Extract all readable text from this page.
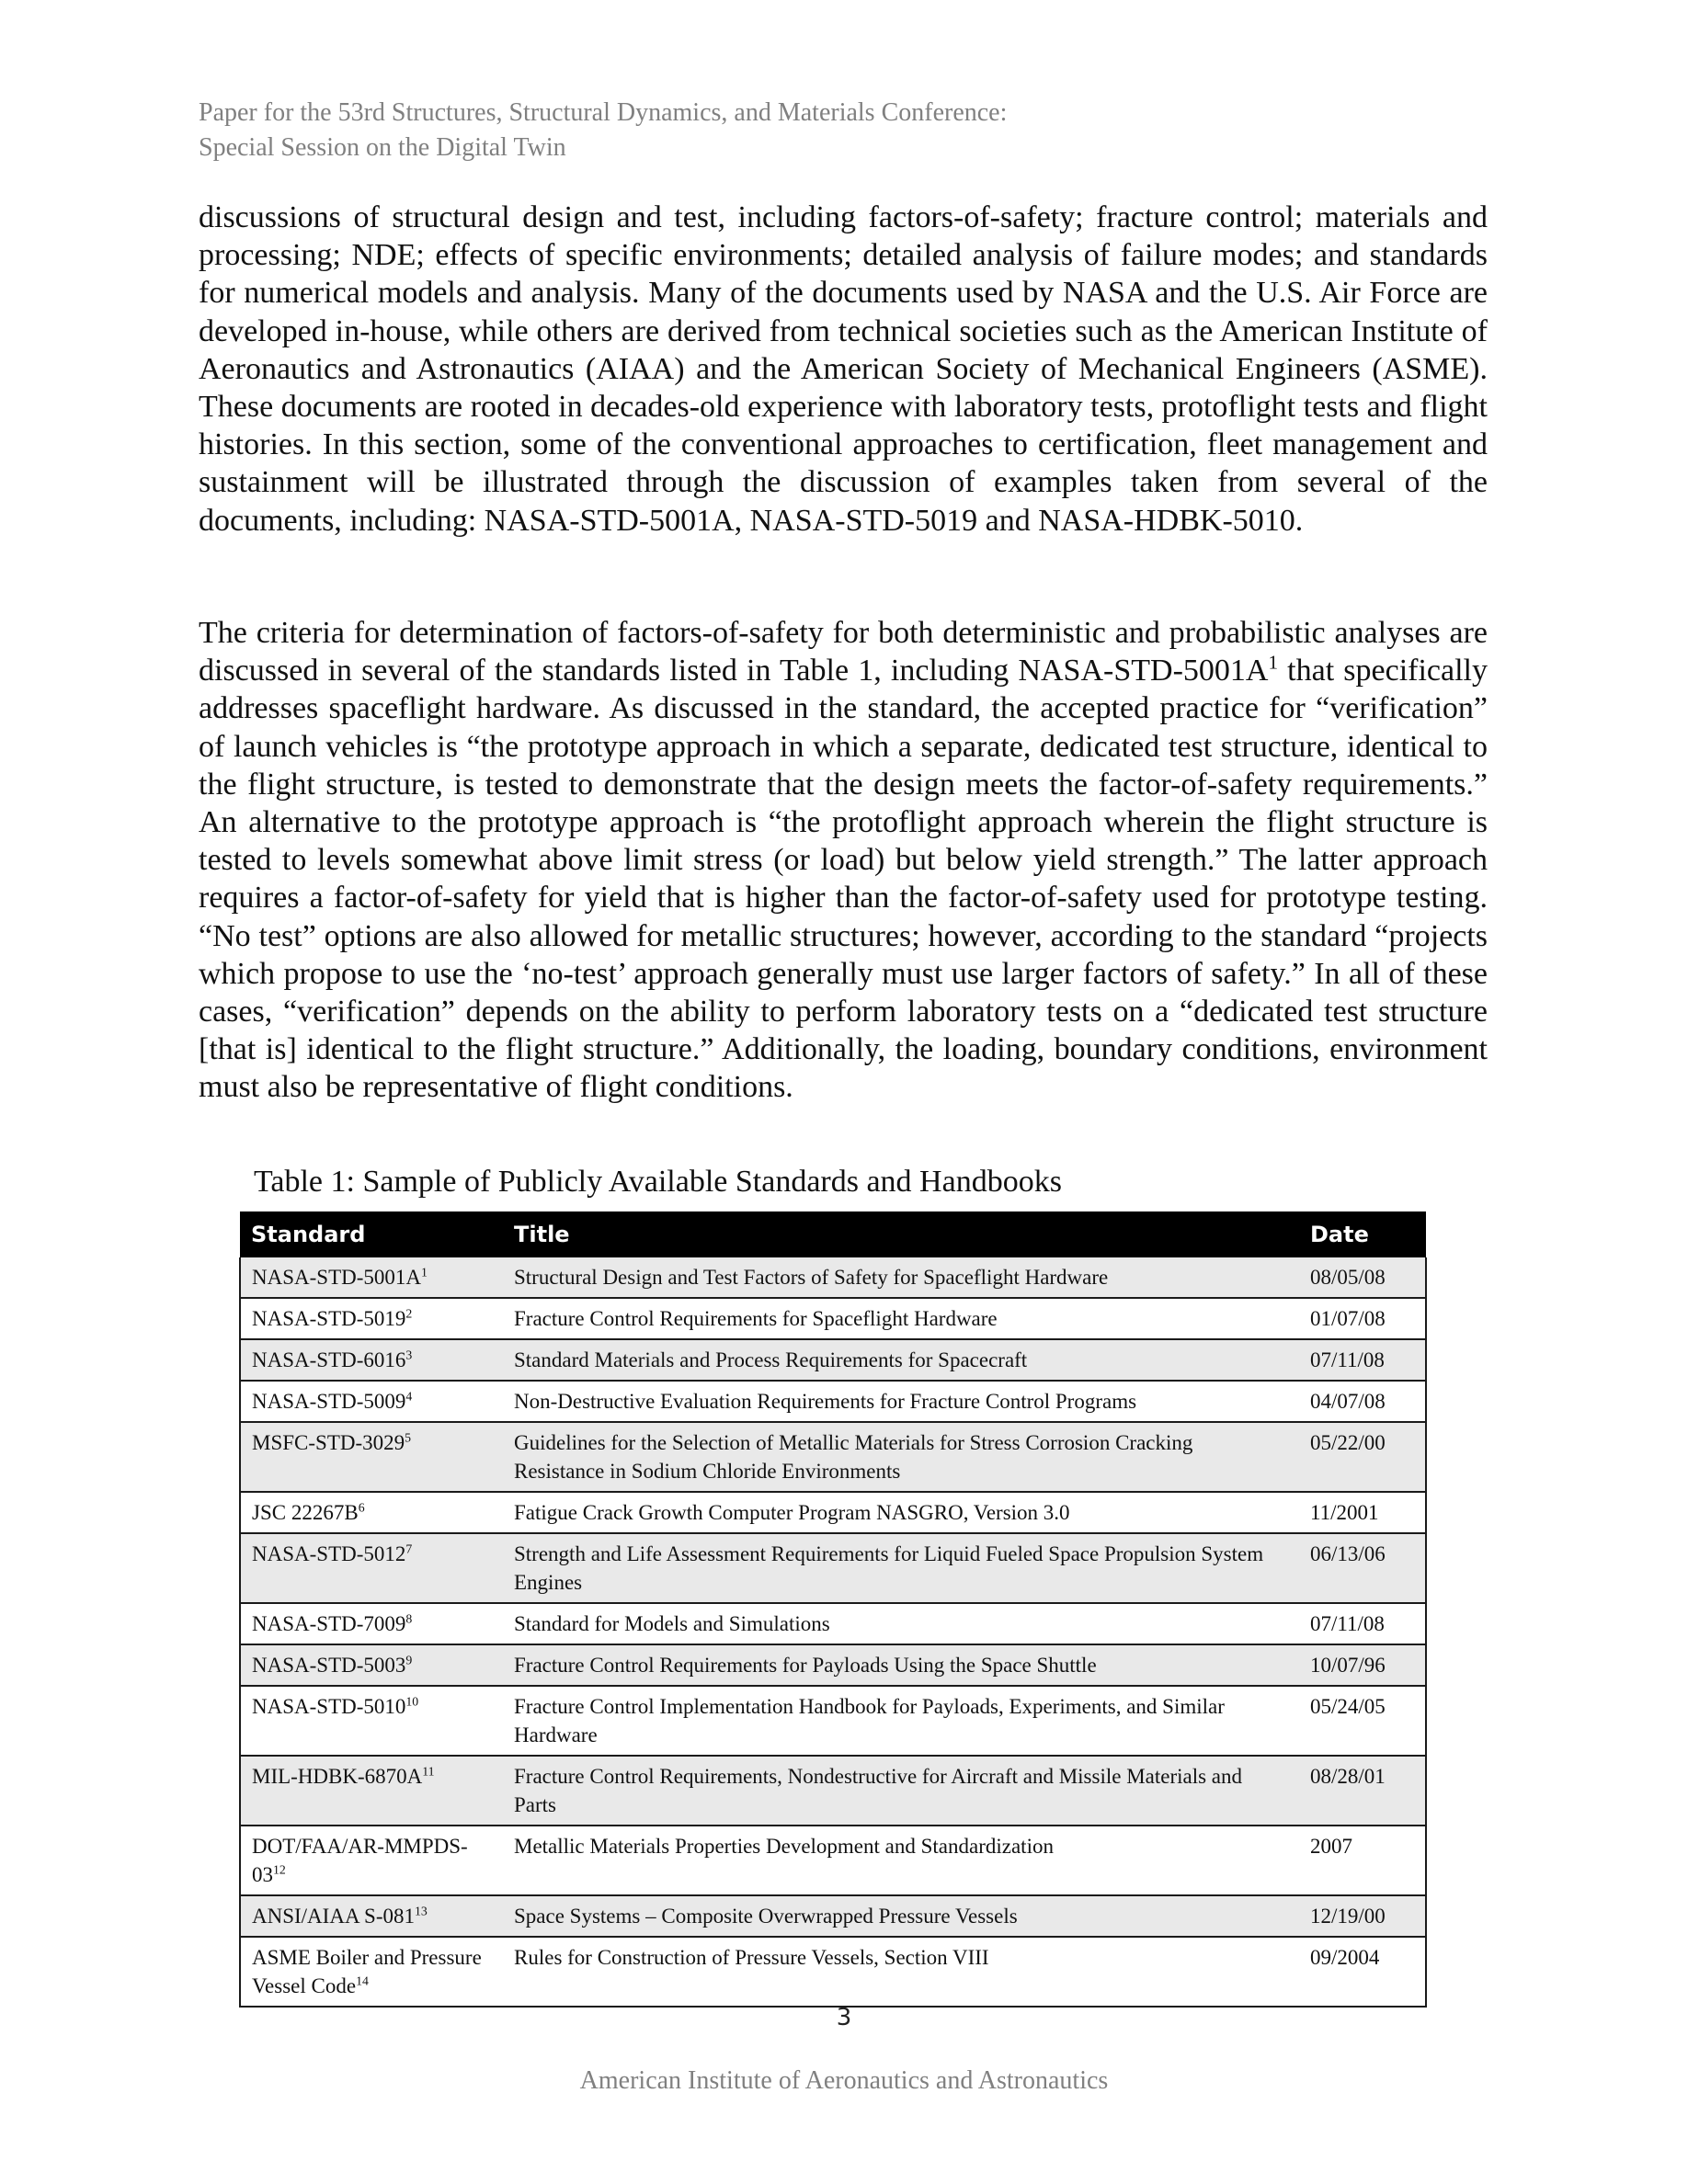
Paper for the 53rd Structures, Structural Dynamics, and Materials Conference:
Special Session on the Digital Twin
discussions of structural design and test, including factors-of-safety; fracture control; materials and processing; NDE; effects of specific environments; detailed analysis of failure modes; and standards for numerical models and analysis. Many of the documents used by NASA and the U.S. Air Force are developed in-house, while others are derived from technical societies such as the American Institute of Aeronautics and Astronautics (AIAA) and the American Society of Mechanical Engineers (ASME). These documents are rooted in decades-old experience with laboratory tests, protoflight tests and flight histories. In this section, some of the conventional approaches to certification, fleet management and sustainment will be illustrated through the discussion of examples taken from several of the documents, including: NASA-STD-5001A, NASA-STD-5019 and NASA-HDBK-5010.
The criteria for determination of factors-of-safety for both deterministic and probabilistic analyses are discussed in several of the standards listed in Table 1, including NASA-$STD-5001A^1$ that specifically addresses spaceflight hardware. As discussed in the standard, the accepted practice for “verification” of launch vehicles is “the prototype approach in which a separate, dedicated test structure, identical to the flight structure, is tested to demonstrate that the design meets the factor-of-safety requirements.” An alternative to the prototype approach is “the protoflight approach wherein the flight structure is tested to levels somewhat above limit stress (or load) but below yield strength.” The latter approach requires a factor-of-safety for yield that is higher than the factor-of-safety used for prototype testing. “No test” options are also allowed for metallic structures; however, according to the standard “projects which propose to use the ‘no-test’ approach generally must use larger factors of safety.” In all of these cases, “verification” depends on the ability to perform laboratory tests on a “dedicated test structure [that is] identical to the flight structure.” Additionally, the loading, boundary conditions, environment must also be representative of flight conditions.
Table 1: Sample of Publicly Available Standards and Handbooks
Standard	Title	Date
NASA-$STD-5001A^1$	Structural Design and Test Factors of Safety for Spaceflight Hardware	08/05/08
NASA-STD-5019$^2$	Fracture Control Requirements for Spaceflight Hardware	01/07/08
NASA-STD-6016$^3$	Standard Materials and Process Requirements for Spacecraft	07/11/08
NASA-STD-5009$^4$	Non-Destructive Evaluation Requirements for Fracture Control Programs	04/07/08
MSFC-STD-3029$^5$	Guidelines for the Selection of Metallic Materials for Stress Corrosion Cracking Resistance in Sodium Chloride Environments	05/22/00
JSC $22267B^6$	Fatigue Crack Growth Computer Program NASGRO, Version 3.0	11/2001
NASA-STD-5012$^7$	Strength and Life Assessment Requirements for Liquid Fueled Space Propulsion System Engines	06/13/06
NASA-STD-7009$^8$	Standard for Models and Simulations	07/11/08
NASA-STD-5003$^9$	Fracture Control Requirements for Payloads Using the Space Shuttle	10/07/96
NASA-STD-5010$^{10}$	Fracture Control Implementation Handbook for Payloads, Experiments, and Similar Hardware	05/24/05
MIL-$HDBK-6870A^{11}$	Fracture Control Requirements, Nondestructive for Aircraft and Missile Materials and Parts	08/28/01
DOT/$FAA/AR-MMPDS-03^{12}$	Metallic Materials Properties Development and Standardization	2007
ANSI/AIAA $S-081^{13}$	Space Systems – Composite Overwrapped Pressure Vessels	12/19/00
ASME Boiler and Pressure Vessel Code$^{14}$	Rules for Construction of Pressure Vessels, Section VIII	09/2004
3
American Institute of Aeronautics and Astronautics
